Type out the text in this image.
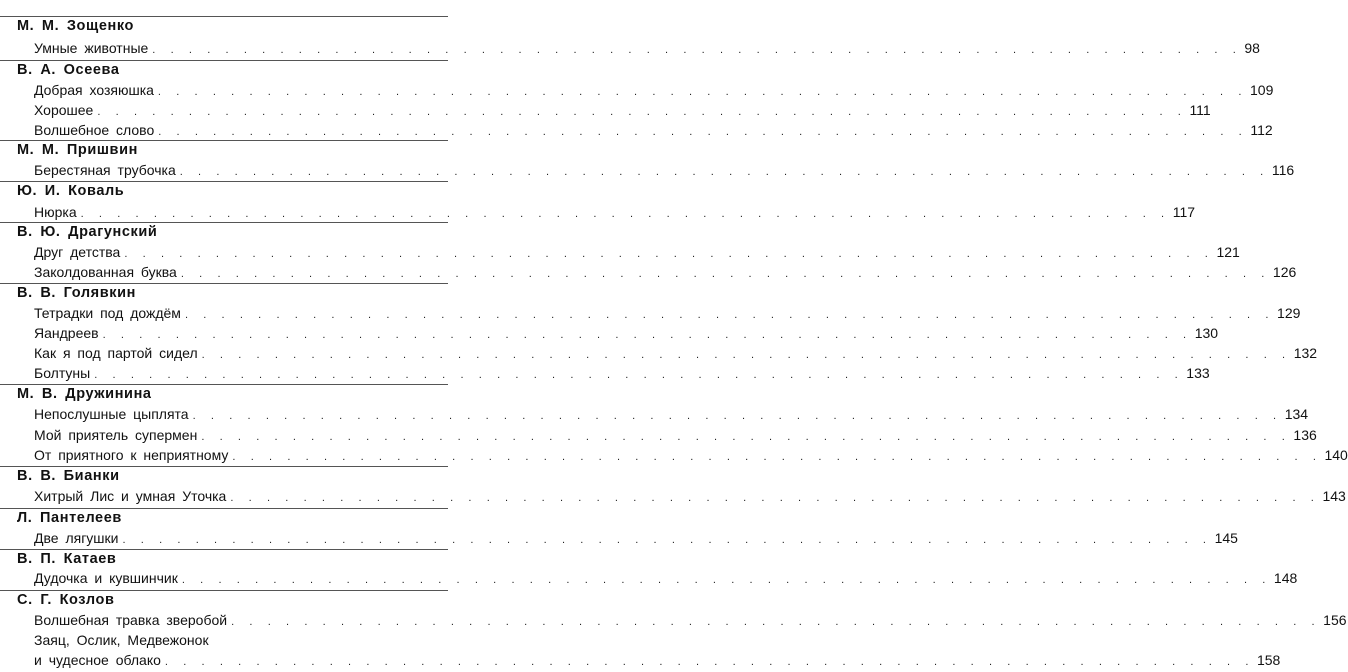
М. М. Зощенко
Умные животные . . .	98
В. А. Осеева
Добрая хозяюшка . . .	109
Хорошее . . .	111
Волшебное слово . . .	112
М. М. Пришвин
Берестяная трубочка . . .	116
Ю. И. Коваль
Нюрка . . .	117
В. Ю. Драгунский
Друг детства . . .	121
Заколдованная буква . . .	126
В. В. Голявкин
Тетрадки под дождём . . .	129
Яандреев . . .	130
Как я под партой сидел . . .	132
Болтуны . . .	133
М. В. Дружинина
Непослушные цыплята . . .	134
Мой приятель супермен . . .	136
От приятного к неприятному . . .	140
В. В. Бианки
Хитрый Лис и умная Уточка . . .	143
Л. Пантелеев
Две лягушки . . .	145
В. П. Катаев
Дудочка и кувшинчик . . .	148
С. Г. Козлов
Волшебная травка зверобой . . .	156
Заяц, Ослик, Медвежонок
и чудесное облако . . .	158
